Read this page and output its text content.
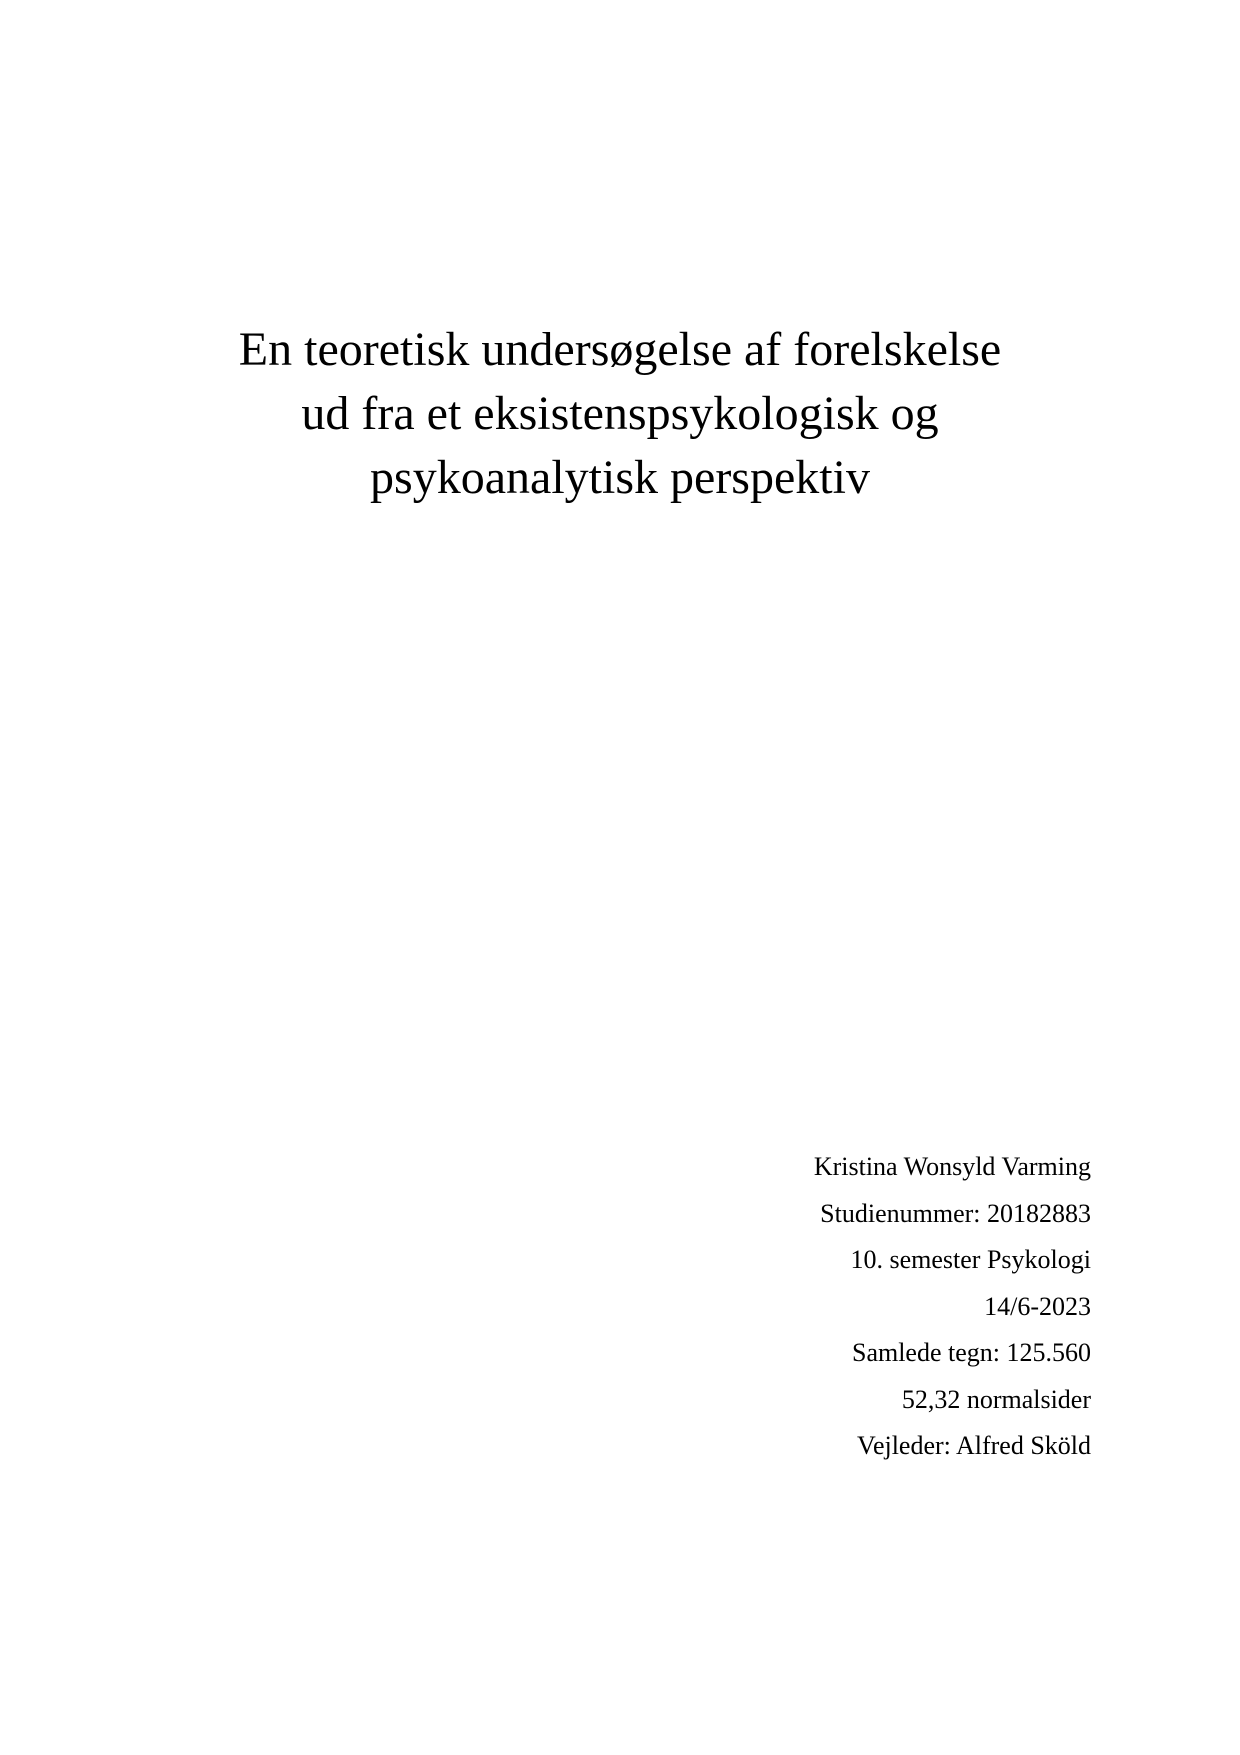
En teoretisk undersøgelse af forelskelse
ud fra et eksistenspsykologisk og
psykoanalytisk perspektiv
Kristina Wonsyld Varming
Studienummer: 20182883
10. semester Psykologi
14/6-2023
Samlede tegn: 125.560
52,32 normalsider
Vejleder: Alfred Sköld
